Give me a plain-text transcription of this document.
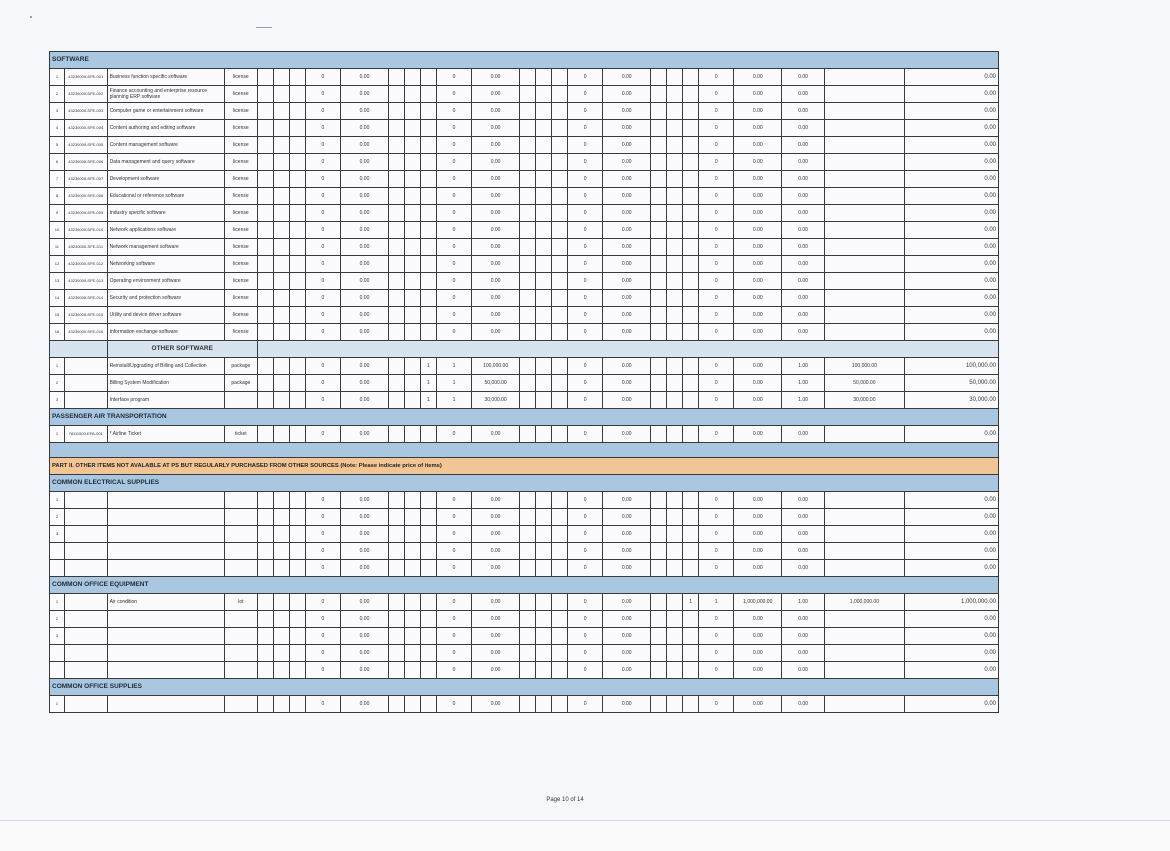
SOFTWARE																										
1	43230000-SFE-001	Business function specific software	license				0	0.00				0	0.00				0	0.00				0	0.00	0.00		0.00
2	43230000-SFE-002	Finance accounting and enterprise resource planning ERP software	license				0	0.00				0	0.00				0	0.00				0	0.00	0.00		0.00
3	43230000-SFE-003	Computer game or entertainment software	license				0	0.00				0	0.00				0	0.00				0	0.00	0.00		0.00
4	43230000-SFE-004	Content authoring and editing software	license				0	0.00				0	0.00				0	0.00				0	0.00	0.00		0.00
5	43230000-SFE-005	Content management software	license				0	0.00				0	0.00				0	0.00				0	0.00	0.00		0.00
6	43230000-SFE-006	Data management and query software	license				0	0.00				0	0.00				0	0.00				0	0.00	0.00		0.00
7	43230000-SFE-007	Development software	license				0	0.00				0	0.00				0	0.00				0	0.00	0.00		0.00
8	43230000-SFE-008	Educational or reference software	license				0	0.00				0	0.00				0	0.00				0	0.00	0.00		0.00
9	43230000-SFE-009	Industry specific software	license				0	0.00				0	0.00				0	0.00				0	0.00	0.00		0.00
10	43230000-SFE-010	Network applications software	license				0	0.00				0	0.00				0	0.00				0	0.00	0.00		0.00
11	43230000-SFE-011	Network management software	license				0	0.00				0	0.00				0	0.00				0	0.00	0.00		0.00
12	43230000-SFE-012	Networking software	license				0	0.00				0	0.00				0	0.00				0	0.00	0.00		0.00
13	43230000-SFE-013	Operating environment software	license				0	0.00				0	0.00				0	0.00				0	0.00	0.00		0.00
14	43230000-SFE-014	Security and protection software	license				0	0.00				0	0.00				0	0.00				0	0.00	0.00		0.00
15	43230000-SFE-015	Utility and device driver software	license				0	0.00				0	0.00				0	0.00				0	0.00	0.00		0.00
16	43230000-SFE-016	Information exchange software	license				0	0.00				0	0.00				0	0.00				0	0.00	0.00		0.00
		OTHER SOFTWARE																								
1		Reinstall/Upgrading of Billing and Collection	package				0	0.00			1	1	100,000.00				0	0.00				0	0.00	1.00	100,000.00	100,000.00
2		Billing System Modification	package				0	0.00			1	1	50,000.00				0	0.00				0	0.00	1.00	50,000.00	50,000.00
3		Interface program					0	0.00			1	1	30,000.00				0	0.00				0	0.00	1.00	30,000.00	30,000.00
PASSENGER AIR TRANSPORTATION																										
1	78111500-EPA-001	* Airline Ticket	ticket				0	0.00				0	0.00				0	0.00				0	0.00	0.00		0.00

PART II. OTHER ITEMS NOT AVALABLE AT PS BUT REGULARLY PURCHASED FROM OTHER SOURCES (Note: Please indicate price of items)																										
COMMON ELECTRICAL SUPPLIES																										
1							0	0.00				0	0.00				0	0.00				0	0.00	0.00		0.00
2							0	0.00				0	0.00				0	0.00				0	0.00	0.00		0.00
3							0	0.00				0	0.00				0	0.00				0	0.00	0.00		0.00
							0	0.00				0	0.00				0	0.00				0	0.00	0.00		0.00
							0	0.00				0	0.00				0	0.00				0	0.00	0.00		0.00
COMMON OFFICE EQUIPMENT																										
1		Air condition	lot				0	0.00				0	0.00				0	0.00			1	1	1,000,000.00	1.00	1,000,000.00	1,000,000.00
2							0	0.00				0	0.00				0	0.00				0	0.00	0.00		0.00
3							0	0.00				0	0.00				0	0.00				0	0.00	0.00		0.00
							0	0.00				0	0.00				0	0.00				0	0.00	0.00		0.00
							0	0.00				0	0.00				0	0.00				0	0.00	0.00		0.00
COMMON OFFICE SUPPLIES																										
1							0	0.00				0	0.00				0	0.00				0	0.00	0.00		0.00
Page 10 of 14
